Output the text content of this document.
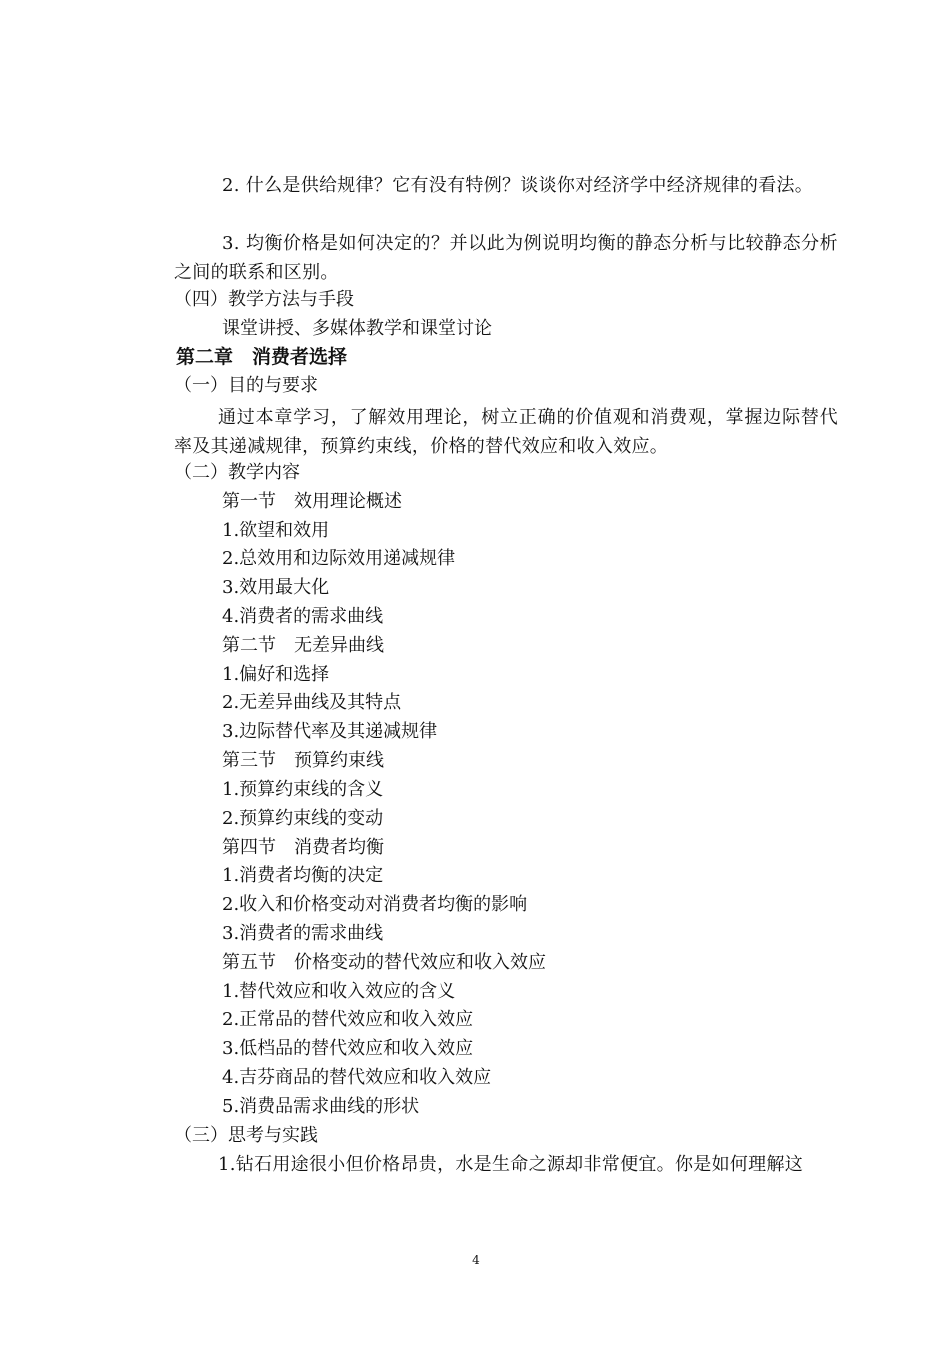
2. 什么是供给规律？它有没有特例？谈谈你对经济学中经济规律的看法。
3. 均衡价格是如何决定的？并以此为例说明均衡的静态分析与比较静态分析之间的联系和区别。
（四）教学方法与手段
课堂讲授、多媒体教学和课堂讨论
第二章　消费者选择
（一）目的与要求
通过本章学习，了解效用理论，树立正确的价值观和消费观，掌握边际替代率及其递减规律，预算约束线，价格的替代效应和收入效应。
（二）教学内容
第一节　效用理论概述
1.欲望和效用
2.总效用和边际效用递减规律
3.效用最大化
4.消费者的需求曲线
第二节　无差异曲线
1.偏好和选择
2.无差异曲线及其特点
3.边际替代率及其递减规律
第三节　预算约束线
1.预算约束线的含义
2.预算约束线的变动
第四节　消费者均衡
1.消费者均衡的决定
2.收入和价格变动对消费者均衡的影响
3.消费者的需求曲线
第五节　价格变动的替代效应和收入效应
1.替代效应和收入效应的含义
2.正常品的替代效应和收入效应
3.低档品的替代效应和收入效应
4.吉芬商品的替代效应和收入效应
5.消费品需求曲线的形状
（三）思考与实践
1.钻石用途很小但价格昂贵，水是生命之源却非常便宜。你是如何理解这
4
